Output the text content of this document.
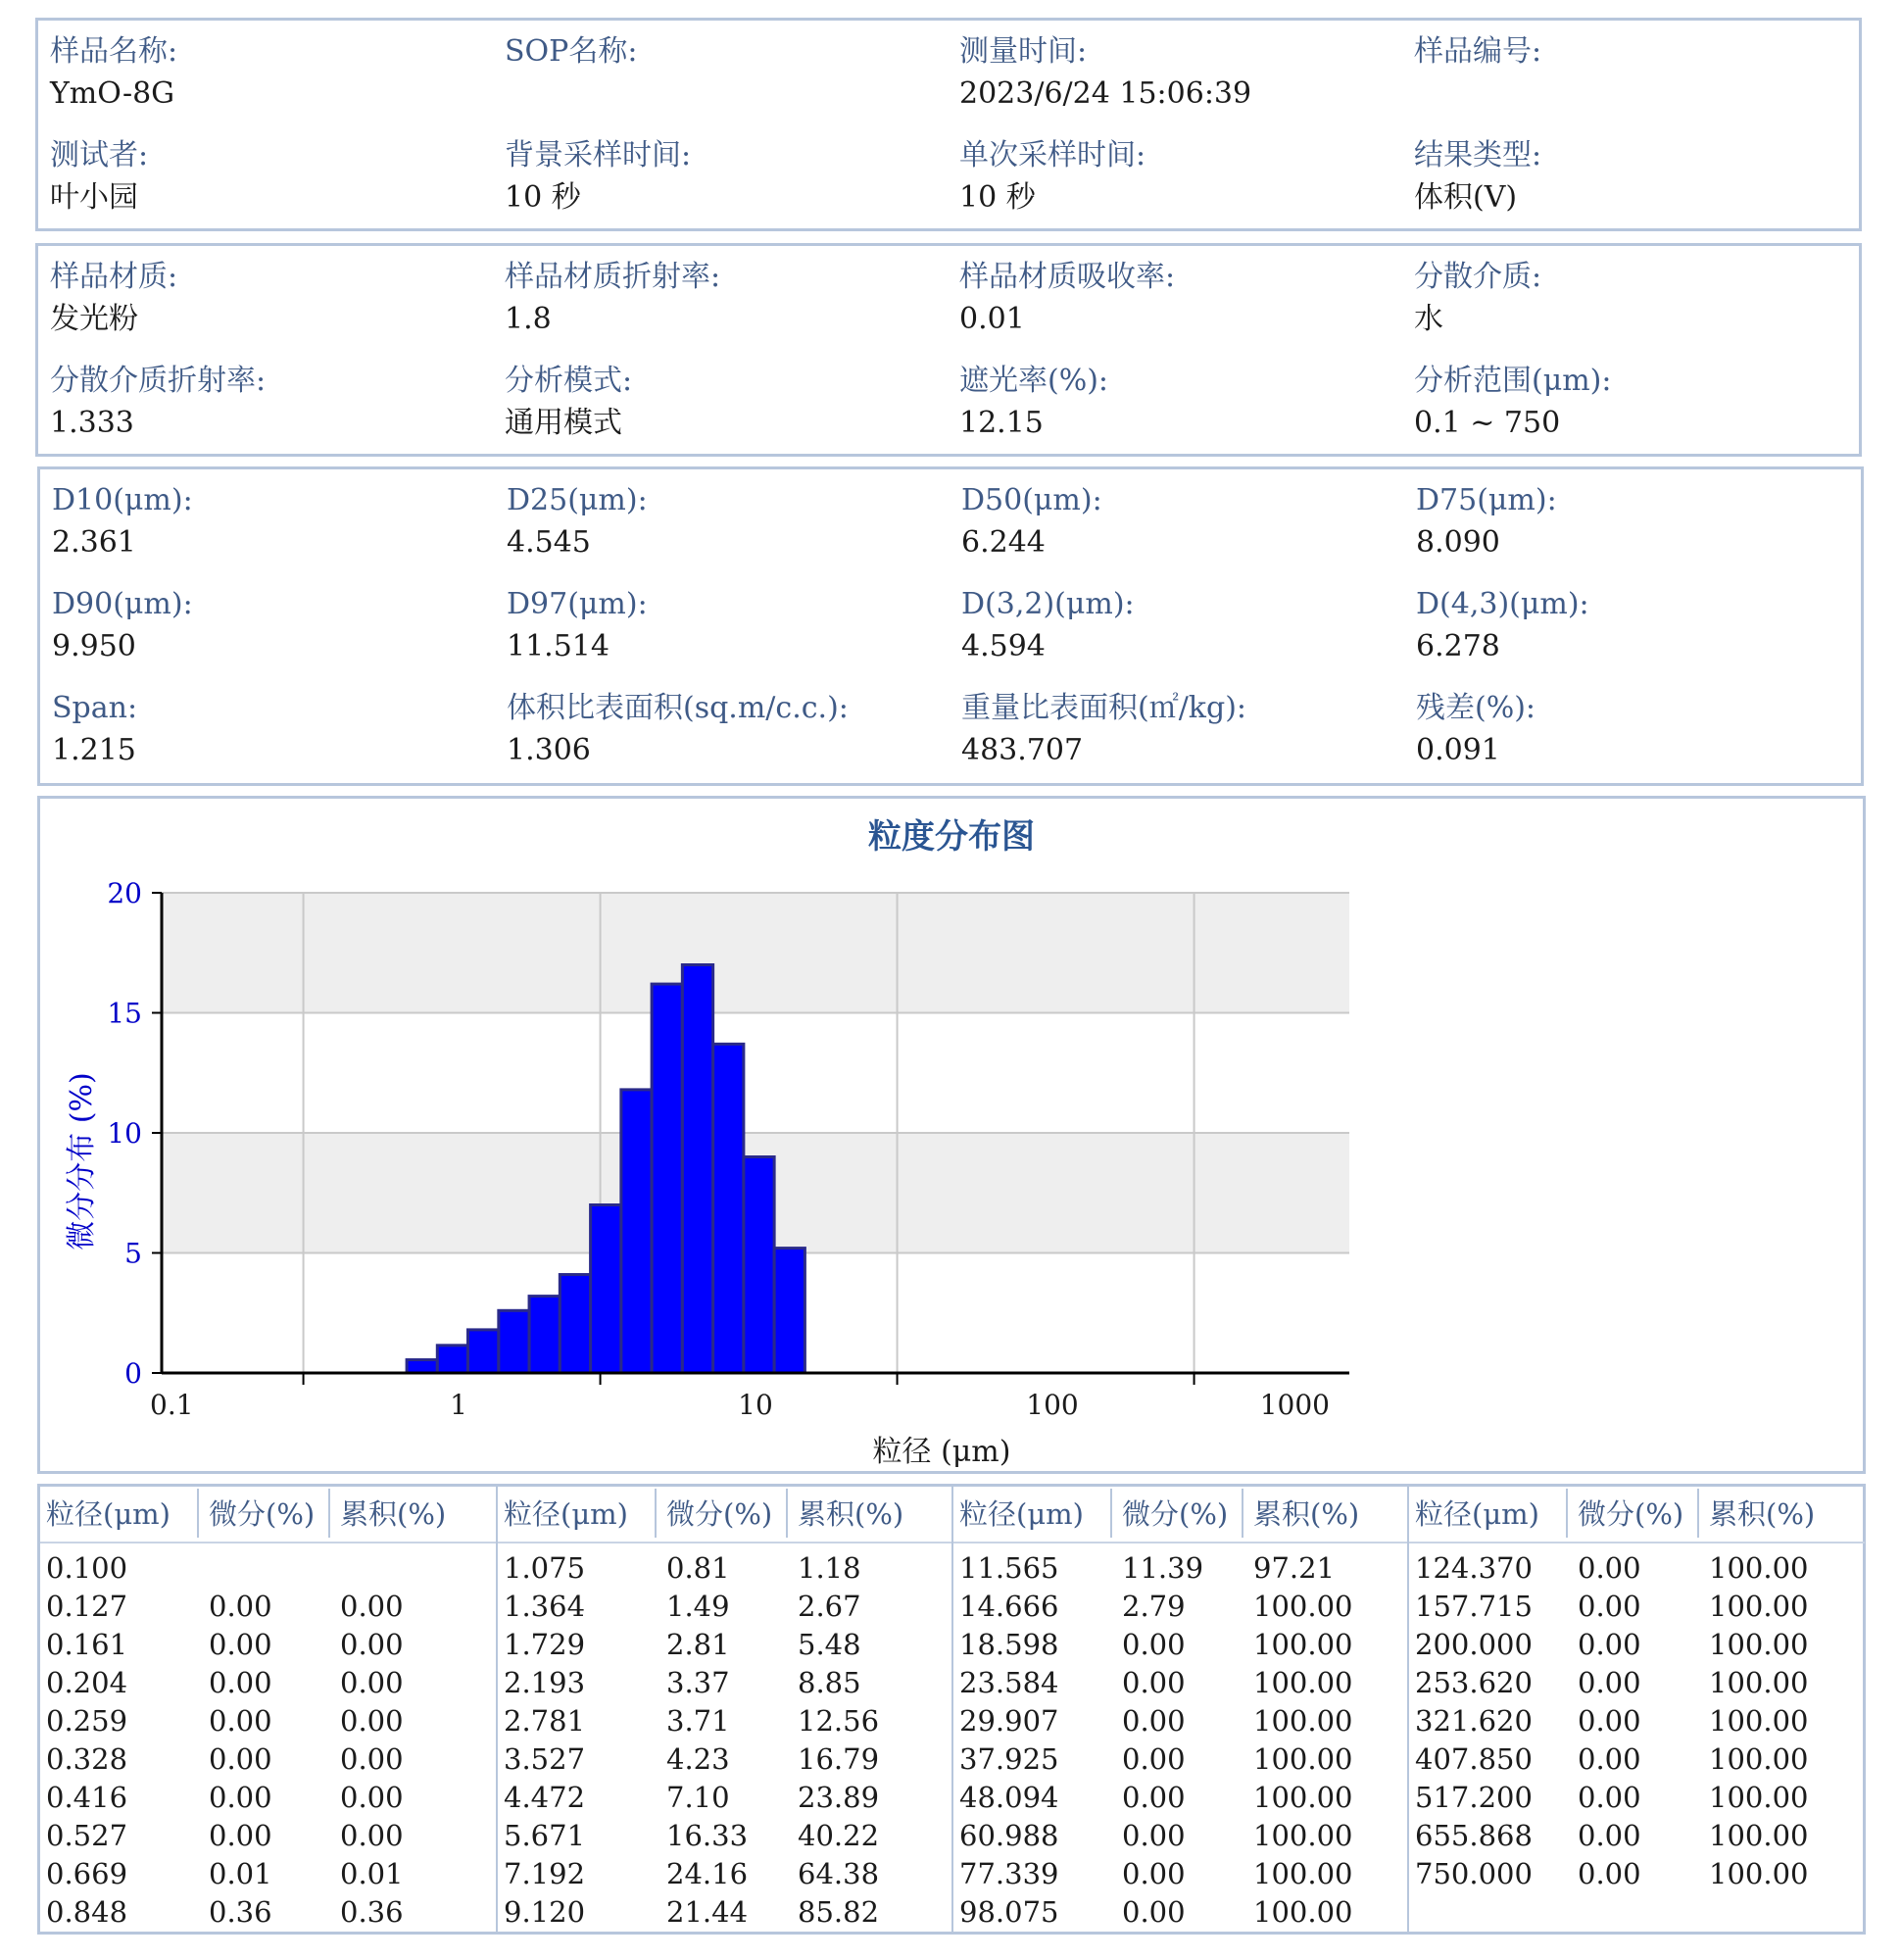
样品名称:
YmO-8G
SOP名称:	测量时间:
2023/6/24 15:06:39
样品编号:
测试者:
叶小园
背景采样时间:
10 秒
单次采样时间:
10 秒
结果类型:
体积(V)
样品材质:
发光粉
样品材质折射率:
1.8
样品材质吸收率:
0.01
分散介质:
水
分散介质折射率:
1.333
分析模式:
通用模式
遮光率(%):
12.15
分析范围(μm):
0.1 ~ 750
D10(μm):
2.361
D25(μm):
4.545
D50(μm):
6.244
D75(μm):
8.090
D90(μm):
9.950
D97(μm):
11.514
D(3,2)(μm):
4.594
D(4,3)(μm):
6.278
Span:
1.215
体积比表面积(sq.m/c.c.):
1.306
重量比表面积(㎡/kg):
483.707
残差(%):
0.091
粒度分布图
0
5
10
15
20
0.1	1	10	100	1000
微分分布 (%)
粒径 (μm)
粒径(μm)	微分(%) 累积(%)
0.100
0.127	0.00 0.00
0.161	0.00 0.00
0.204	0.00 0.00
0.259	0.00 0.00
0.328	0.00 0.00
0.416	0.00 0.00
0.527	0.00 0.00
0.669	0.01 0.01
0.848	0.36 0.36
粒径(μm)	微分(%) 累积(%)
1.075	0.81 1.18
1.364	1.49 2.67
1.729	2.81 5.48
2.193	3.37 8.85
2.781	3.71 12.56
3.527	4.23 16.79
4.472	7.10 23.89
5.671	16.33 40.22
7.192	24.16 64.38
9.120	21.44 85.82
粒径(μm)	微分(%) 累积(%)
11.565 11.39 97.21
14.666 2.79 100.00
18.598 0.00 100.00
23.584 0.00 100.00
29.907 0.00 100.00
37.925 0.00 100.00
48.094 0.00 100.00
60.988 0.00 100.00
77.339 0.00 100.00
98.075 0.00 100.00
粒径(μm)	微分(%) 累积(%)
124.370 0.00 100.00
157.715 0.00 100.00
200.000 0.00 100.00
253.620 0.00 100.00
321.620 0.00 100.00
407.850 0.00 100.00
517.200 0.00 100.00
655.868 0.00 100.00
750.000 0.00 100.00
